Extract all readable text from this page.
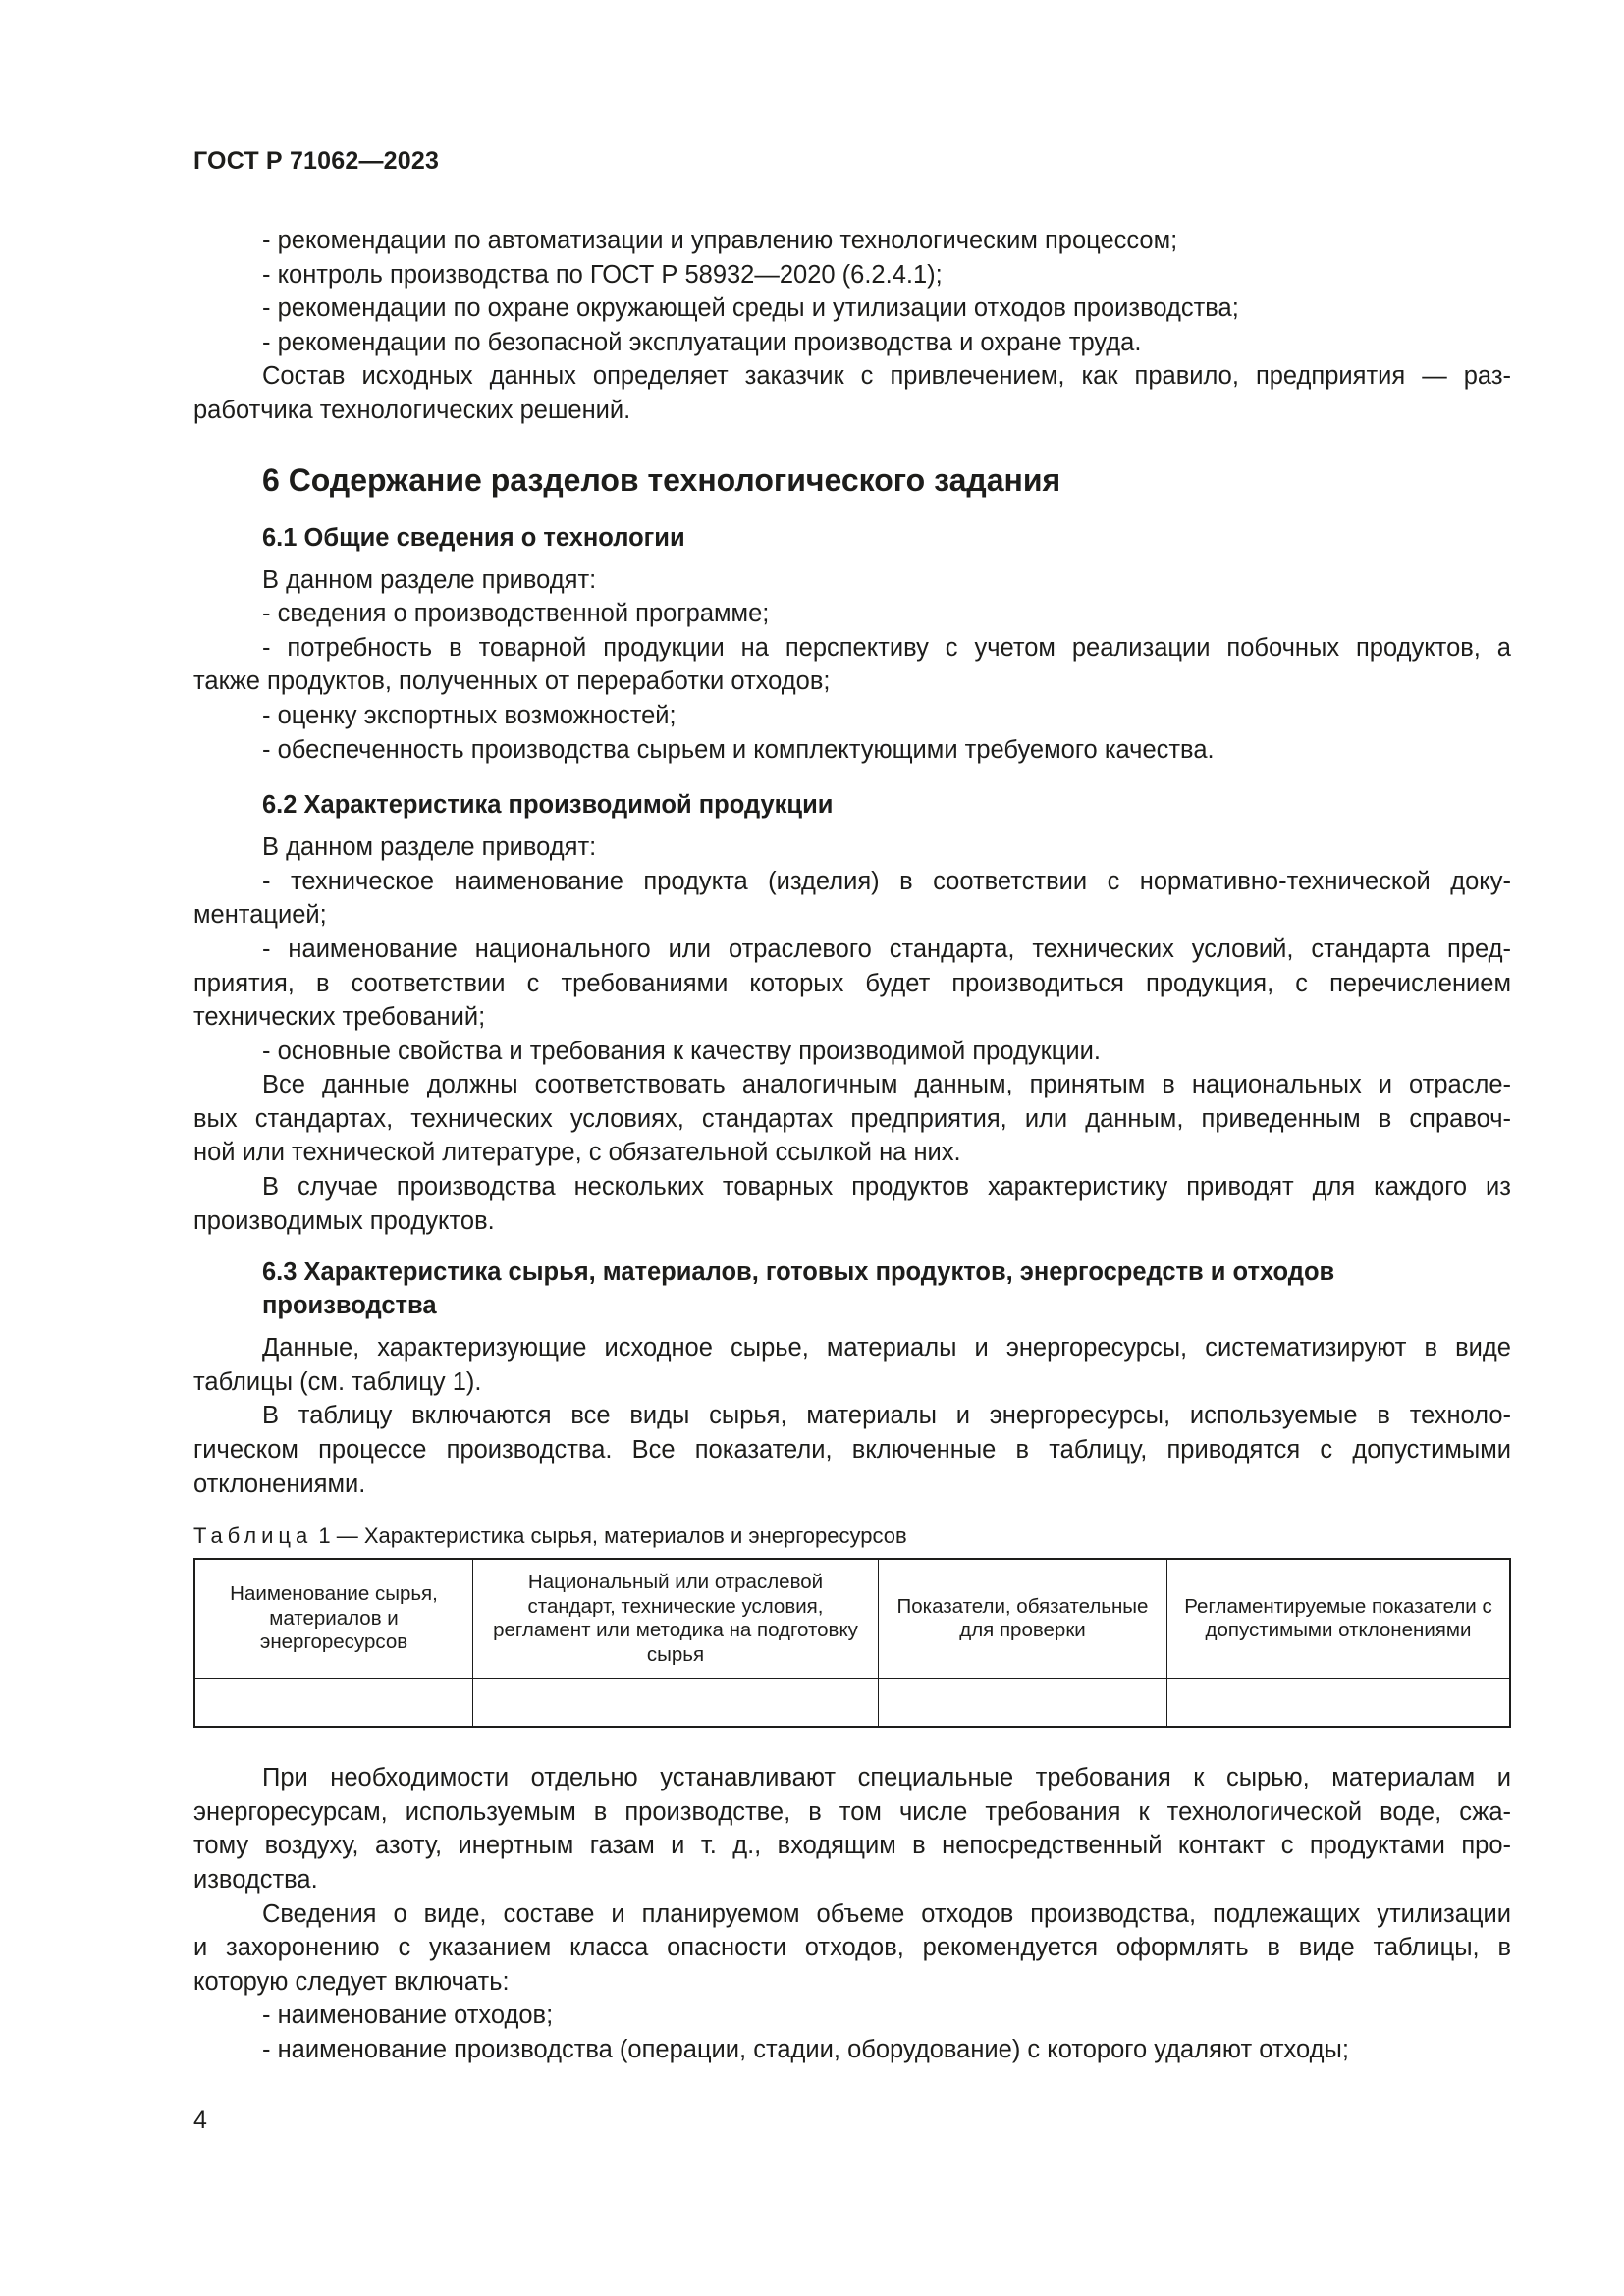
ГОСТ Р 71062—2023

- рекомендации по автоматизации и управлению технологическим процессом;

- контроль производства по ГОСТ Р 58932—2020 (6.2.4.1);

- рекомендации по охране окружающей среды и утилизации отходов производства;

- рекомендации по безопасной эксплуатации производства и охране труда.

Состав исходных данных определяет заказчик с привлечением, как правило, предприятия — раз-

работчика технологических решений.

6 Содержание разделов технологического задания
6.1 Общие сведения о технологии

В данном разделе приводят:

- сведения о производственной программе;

- потребность в товарной продукции на перспективу с учетом реализации побочных продуктов, а

также продуктов, полученных от переработки отходов;

- оценку экспортных возможностей;

- обеспеченность производства сырьем и комплектующими требуемого качества.

6.2 Характеристика производимой продукции

В данном разделе приводят:

- техническое наименование продукта (изделия) в соответствии с нормативно-технической доку-

ментацией;

- наименование национального или отраслевого стандарта, технических условий, стандарта пред-

приятия, в соответствии с требованиями которых будет производиться продукция, с перечислением

технических требований;

- основные свойства и требования к качеству производимой продукции.

Все данные должны соответствовать аналогичным данным, принятым в национальных и отрасле-

вых стандартах, технических условиях, стандартах предприятия, или данным, приведенным в справоч-

ной или технической литературе, с обязательной ссылкой на них.

В случае производства нескольких товарных продуктов характеристику приводят для каждого из

производимых продуктов.

6.3 Характеристика сырья, материалов, готовых продуктов, энергосредств и отходов
производства

Данные, характеризующие исходное сырье, материалы и энергоресурсы, систематизируют в виде

таблицы (см. таблицу 1).

В таблицу включаются все виды сырья, материалы и энергоресурсы, используемые в техноло-

гическом процессе производства. Все показатели, включенные в таблицу, приводятся с допустимыми

отклонениями.

Таблица 1 — Характеристика сырья, материалов и энергоресурсов
Наименование сырья, материалов и энергоресурсов	Национальный или отраслевой стандарт, технические условия, регламент или методика на подготовку сырья	Показатели, обязательные для проверки	Регламентируемые показатели с допустимыми отклонениями

При необходимости отдельно устанавливают специальные требования к сырью, материалам и

энергоресурсам, используемым в производстве, в том числе требования к технологической воде, сжа-

тому воздуху, азоту, инертным газам и т. д., входящим в непосредственный контакт с продуктами про-

изводства.

Сведения о виде, составе и планируемом объеме отходов производства, подлежащих утилизации

и захоронению с указанием класса опасности отходов, рекомендуется оформлять в виде таблицы, в

которую следует включать:

- наименование отходов;

- наименование производства (операции, стадии, оборудование) с которого удаляют отходы;

4
